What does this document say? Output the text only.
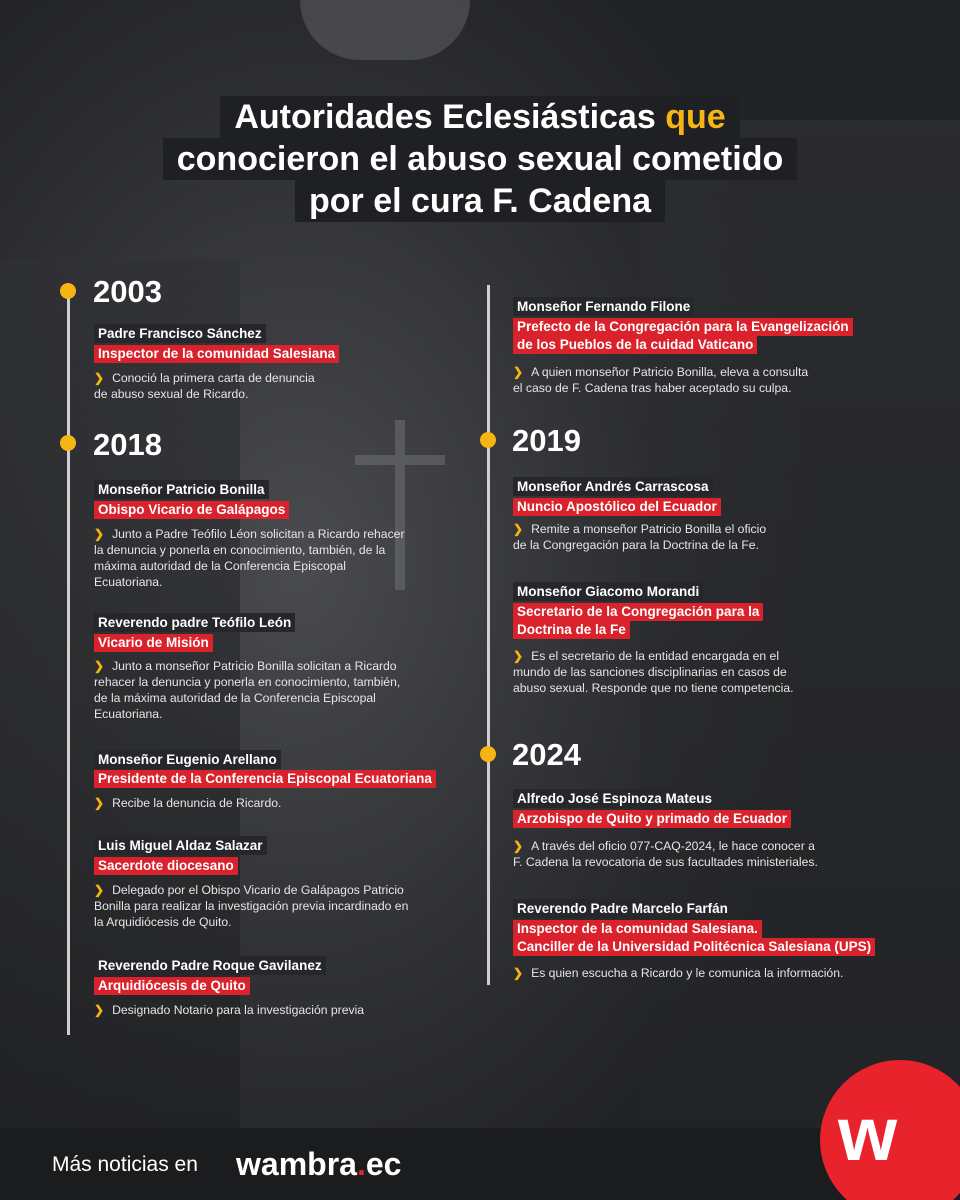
Autoridades Eclesiásticas que
conocieron el abuso sexual cometido
por el cura F. Cadena
2003
Padre Francisco Sánchez
Inspector de la comunidad Salesiana
❯ Conoció la primera carta de denuncia
de abuso sexual de Ricardo.
2018
Monseñor Patricio Bonilla
Obispo Vicario de Galápagos
❯ Junto a Padre Teófilo Léon solicitan a Ricardo rehacer
la denuncia y ponerla en conocimiento, también, de la
máxima autoridad de la Conferencia Episcopal
Ecuatoriana.
Reverendo padre Teófilo León
Vicario de Misión
❯ Junto a monseñor Patricio Bonilla solicitan a Ricardo
rehacer la denuncia y ponerla en conocimiento, también,
de la máxima autoridad de la Conferencia Episcopal
Ecuatoriana.
Monseñor Eugenio Arellano
Presidente de la Conferencia Episcopal Ecuatoriana
❯ Recibe la denuncia de Ricardo.
Luis Miguel Aldaz Salazar
Sacerdote diocesano
❯ Delegado por el Obispo Vicario de Galápagos Patricio
Bonilla para realizar la investigación previa incardinado en
la Arquidiócesis de Quito.
Reverendo Padre Roque Gavilanez
Arquidiócesis de Quito
❯ Designado Notario para la investigación previa
Monseñor Fernando Filone
Prefecto de la Congregación para la Evangelización
de los Pueblos de la cuidad Vaticano
❯ A quien monseñor Patricio Bonilla, eleva a consulta
el caso de F. Cadena tras haber aceptado su culpa.
2019
Monseñor Andrés Carrascosa
Nuncio Apostólico del Ecuador
❯ Remite a monseñor Patricio Bonilla el oficio
de la Congregación para la Doctrina de la Fe.
Monseñor Giacomo Morandi
Secretario de la Congregación para la
Doctrina de la Fe
❯ Es el secretario de la entidad encargada en el
mundo de las sanciones disciplinarias en casos de
abuso sexual. Responde que no tiene competencia.
2024
Alfredo José Espinoza Mateus
Arzobispo de Quito y primado de Ecuador
❯ A través del oficio 077-CAQ-2024, le hace conocer a
F. Cadena la revocatoria de sus facultades ministeriales.
Reverendo Padre Marcelo Farfán
Inspector de la comunidad Salesiana.
Canciller de la Universidad Politécnica Salesiana (UPS)
❯ Es quien escucha a Ricardo y le comunica la información.
Más noticias en wambra.ec	w
